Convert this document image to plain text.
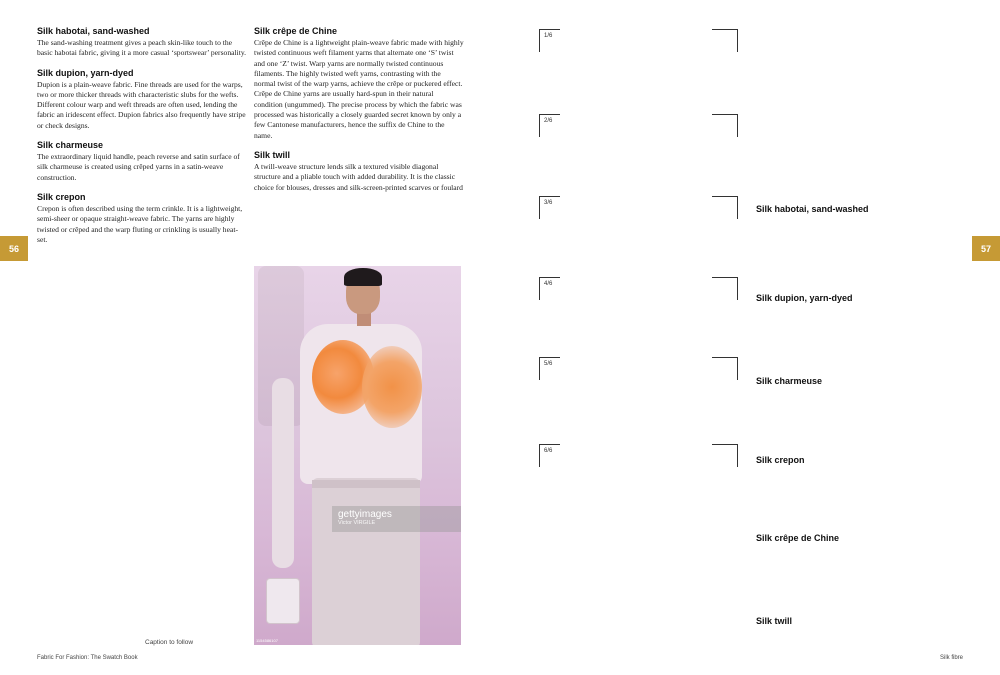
56	57
Silk habotai, sand-washed

The sand-washing treatment gives a peach skin-like touch to the basic habotai fabric, giving it a more casual ‘sportswear’ personality.

Silk dupion, yarn-dyed

Dupion is a plain-weave fabric. Fine threads are used for the warps, two or more thicker threads with characteristic slubs for the wefts. Different colour warp and weft threads are often used, lending the fabric an iridescent effect. Dupion fabrics also frequently have stripe or check designs.

Silk charmeuse

The extraordinary liquid handle, peach reverse and satin surface of silk charmeuse is created using crêped yarns in a satin-weave construction.

Silk crepon

Crepon is often described using the term crinkle. It is a lightweight, semi-sheer or opaque straight-weave fabric. The yarns are highly twisted or crêped and the warp fluting or crinkling is usually heat-set.

Silk crêpe de Chine

Crêpe de Chine is a lightweight plain-weave fabric made with highly twisted continuous weft filament yarns that alternate one ‘S’ twist and one ‘Z’ twist. Warp yarns are normally twisted continuous filaments. The highly twisted weft yarns, contrasting with the normal twist of the warp yarns, achieve the crêpe or puckered effect. Crêpe de Chine yarns are usually hard-spun in their natural condition (ungummed). The precise process by which the fabric was processed was historically a closely guarded secret known by only a few Cantonese manufacturers, hence the suffix de Chine to the name.

Silk twill

A twill-weave structure lends silk a textured visible diagonal structure and a pliable touch with added durability. It is the classic choice for blouses, dresses and silk-screen-printed scarves or foulard

gettyimages
Victor VIRGILE
1154586107
Caption to follow
Fabric For Fashion: The Swatch Book	Silk fibre
1/6
2/6
3/6
4/6
5/6
6/6
Silk habotai, sand-washed
Silk dupion, yarn-dyed
Silk charmeuse
Silk crepon
Silk crêpe de Chine
Silk twill
